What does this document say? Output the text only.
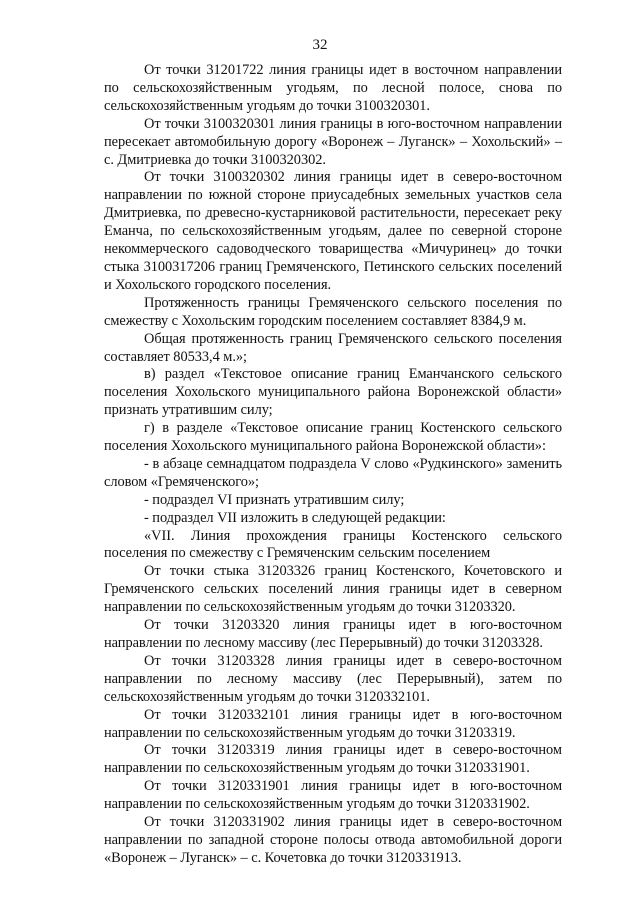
32

От точки 31201722 линия границы идет в восточном направлении по сельскохозяйственным угодьям, по лесной полосе, снова по сельскохозяйственным угодьям до точки 3100320301.

От точки 3100320301 линия границы в юго-восточном направлении пересекает автомобильную дорогу «Воронеж – Луганск» – Хохольский» – с. Дмитриевка до точки 3100320302.

От точки 3100320302 линия границы идет в северо-восточном направлении по южной стороне приусадебных земельных участков села Дмитриевка, по древесно-кустарниковой растительности, пересекает реку Еманча, по сельскохозяйственным угодьям, далее по северной стороне некоммерческого садоводческого товарищества «Мичуринец» до точки стыка 3100317206 границ Гремяченского, Петинского сельских поселений и Хохольского городского поселения.

Протяженность границы Гремяченского сельского поселения по смежеству с Хохольским городским поселением составляет 8384,9 м.

Общая протяженность границ Гремяченского сельского поселения составляет 80533,4 м.»;

в) раздел «Текстовое описание границ Еманчанского сельского поселения Хохольского муниципального района Воронежской области» признать утратившим силу;

г) в разделе «Текстовое описание границ Костенского сельского поселения Хохольского муниципального района Воронежской области»:

- в абзаце семнадцатом подраздела V слово «Рудкинского» заменить словом «Гремяченского»;

- подраздел VI признать утратившим силу;

- подраздел VII изложить в следующей редакции:

«VII. Линия прохождения границы Костенского сельского поселения по смежеству с Гремяченским сельским поселением

От точки стыка 31203326 границ Костенского, Кочетовского и Гремяченского сельских поселений линия границы идет в северном направлении по сельскохозяйственным угодьям до точки 31203320.

От точки 31203320 линия границы идет в юго-восточном направлении по лесному массиву (лес Перерывный) до точки 31203328.

От точки 31203328 линия границы идет в северо-восточном направлении по лесному массиву (лес Перерывный), затем по сельскохозяйственным угодьям до точки 3120332101.

От точки 3120332101 линия границы идет в юго-восточном направлении по сельскохозяйственным угодьям до точки 31203319.

От точки 31203319 линия границы идет в северо-восточном направлении по сельскохозяйственным угодьям до точки 3120331901.

От точки 3120331901 линия границы идет в юго-восточном направлении по сельскохозяйственным угодьям до точки 3120331902.

От точки 3120331902 линия границы идет в северо-восточном направлении по западной стороне полосы отвода автомобильной дороги «Воронеж – Луганск» – с. Кочетовка до точки 3120331913.
